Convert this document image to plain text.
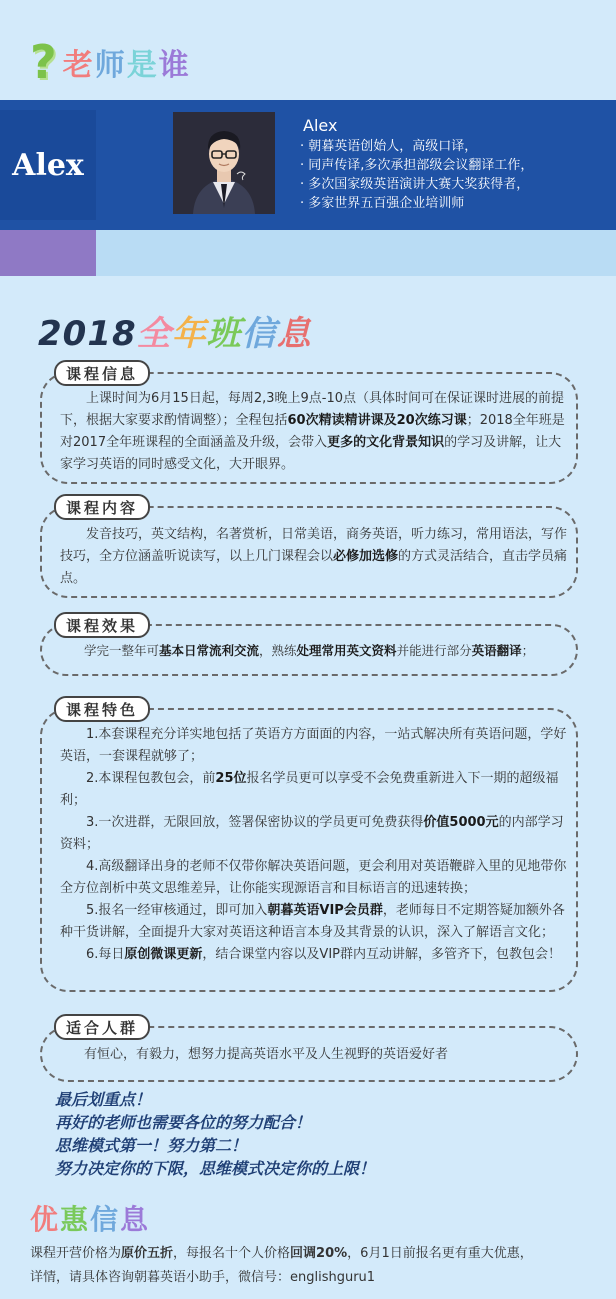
? 老师是谁
Alex
Alex
· 朝暮英语创始人，高级口译，
· 同声传译,多次承担部级会议翻译工作，
· 多次国家级英语演讲大赛大奖获得者，
· 多家世界五百强企业培训师
2018全年班信息
课程信息
上课时间为6月15日起，每周2,3晚上9点-10点（具体时间可在保证课时进展的前提下，根据大家要求酌情调整）；全程包括60次精读精讲课及20次练习课；2018全年班是对2017全年班课程的全面涵盖及升级，会带入更多的文化背景知识的学习及讲解，让大家学习英语的同时感受文化，大开眼界。
课程内容
发音技巧，英文结构，名著赏析，日常美语，商务英语，听力练习，常用语法，写作技巧，全方位涵盖听说读写，以上几门课程会以必修加选修的方式灵活结合，直击学员痛点。
课程效果
学完一整年可基本日常流利交流，熟练处理常用英文资料并能进行部分英语翻译；
课程特色
1.本套课程充分详实地包括了英语方方面面的内容，一站式解决所有英语问题，学好英语，一套课程就够了；
2.本课程包教包会，前25位报名学员更可以享受不会免费重新进入下一期的超级福利；
3.一次进群，无限回放，签署保密协议的学员更可免费获得价值5000元的内部学习资料；
4.高级翻译出身的老师不仅带你解决英语问题，更会利用对英语鞭辟入里的见地带你全方位剖析中英文思维差异，让你能实现源语言和目标语言的迅速转换；
5.报名一经审核通过，即可加入朝暮英语VIP会员群，老师每日不定期答疑加额外各种干货讲解，全面提升大家对英语这种语言本身及其背景的认识，深入了解语言文化；
6.每日原创微课更新，结合课堂内容以及VIP群内互动讲解，多管齐下，包教包会！
适合人群
有恒心，有毅力，想努力提高英语水平及人生视野的英语爱好者
最后划重点！
再好的老师也需要各位的努力配合！
思维模式第一！努力第二！
努力决定你的下限，思维模式决定你的上限！
优惠信息
课程开营价格为原价五折，每报名十个人价格回调20%，6月1日前报名更有重大优惠，
详情，请具体咨询朝暮英语小助手，微信号：englishguru1
